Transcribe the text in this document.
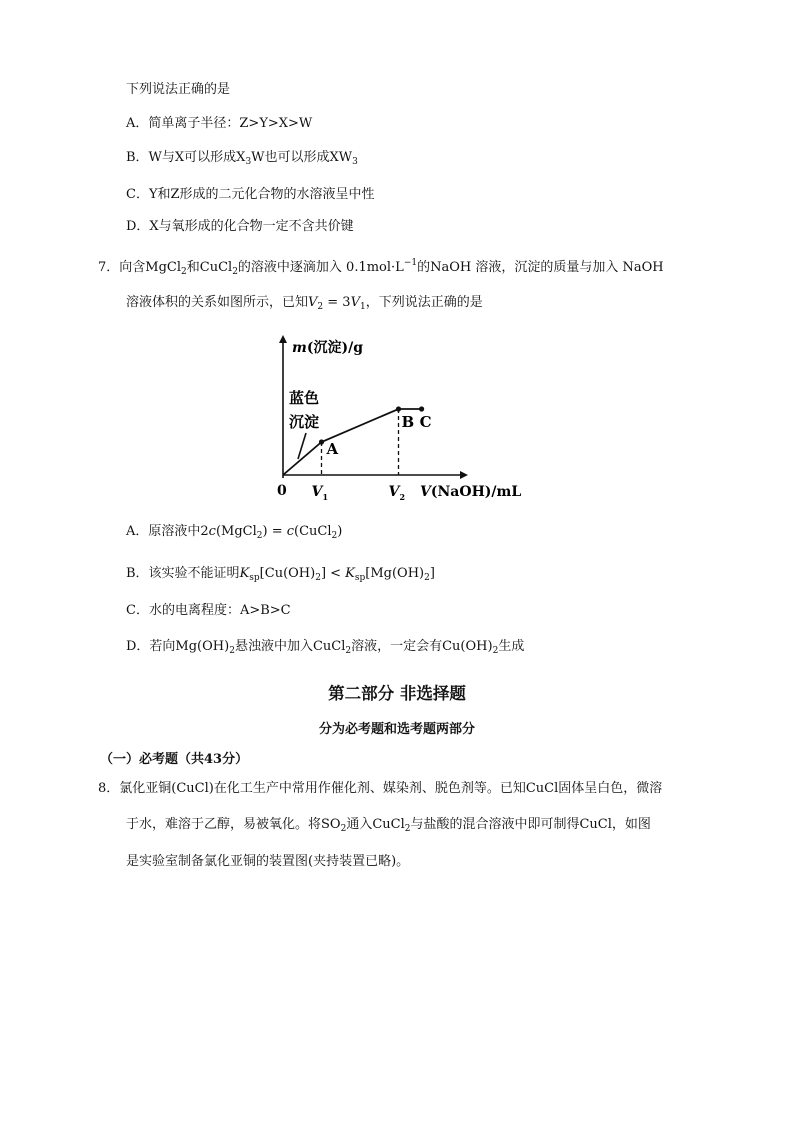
下列说法正确的是
A．简单离子半径：Z>Y>X>W
B．W与X可以形成$X_3W$也可以形成$XW_3$
C．Y和Z形成的二元化合物的水溶液呈中性
D．X与氧形成的化合物一定不含共价键
7．向含MgCl$_2$和CuCl$_2$的溶液中逐滴加入 $0.1mol\cdot L^{-1}$的NaOH 溶液，沉淀的质量与加入 NaOH
溶液体积的关系如图所示，已知$V_2 = 3V_1$，下列说法正确的是
m(沉淀)/g
V(NaOH)/mL
0
蓝色
沉淀
A
B C
V 1	V 2
A．原溶液中2c(MgCl$_2$) = c(CuCl$_2$)
B．该实验不能证明$K_{sp}[Cu(OH)_2] < K_{sp}[Mg(OH)_2]$
C．水的电离程度：A>B>C
D．若向$Mg(OH)_2$悬浊液中加入CuCl$_2$溶液，一定会有$Cu(OH)_2$生成
第二部分 非选择题
分为必考题和选考题两部分
（一）必考题（共43分）
8．氯化亚铜(CuCl)在化工生产中常用作催化剂、媒染剂、脱色剂等。已知CuCl固体呈白色，微溶
于水，难溶于乙醇，易被氧化。将$SO_2$通入CuCl$_2$与盐酸的混合溶液中即可制得CuCl，如图
是实验室制备氯化亚铜的装置图(夹持装置已略)。
